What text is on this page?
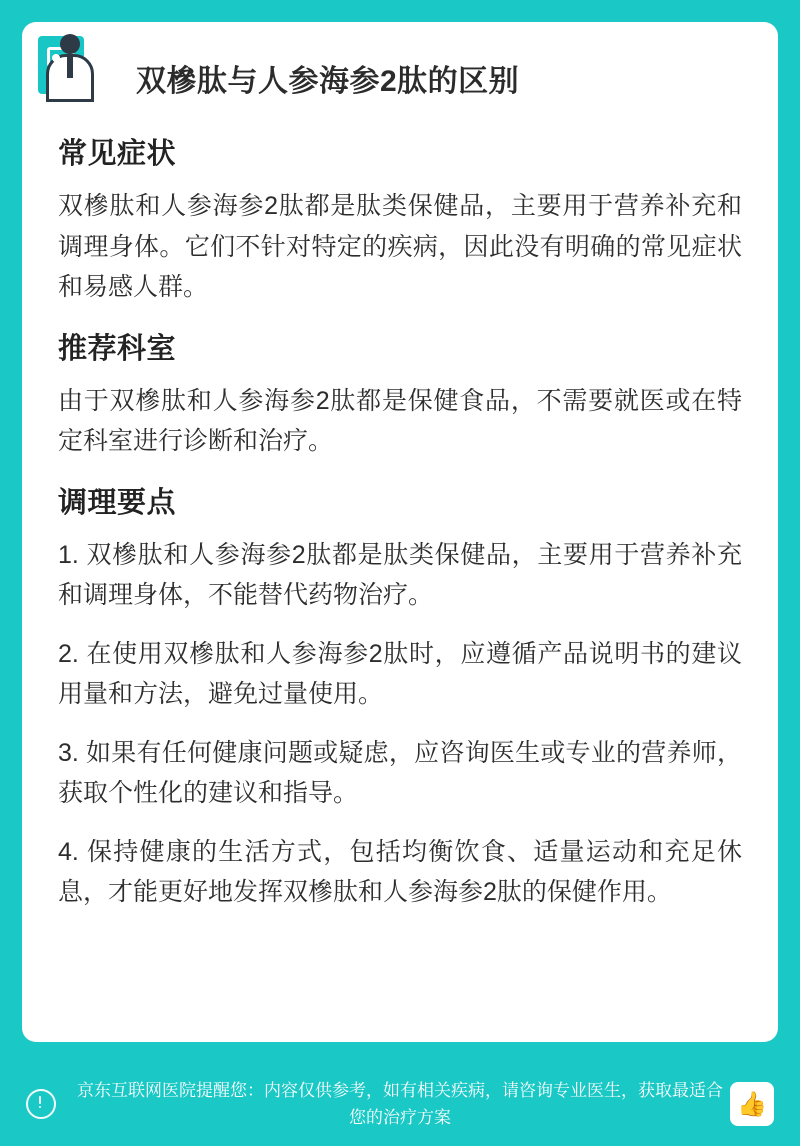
双槮肽与人参海参2肽的区别
常见症状

双槮肽和人参海参2肽都是肽类保健品，主要用于营养补充和调理身体。它们不针对特定的疾病，因此没有明确的常见症状和易感人群。

推荐科室

由于双槮肽和人参海参2肽都是保健食品，不需要就医或在特定科室进行诊断和治疗。

调理要点

1. 双槮肽和人参海参2肽都是肽类保健品，主要用于营养补充和调理身体，不能替代药物治疗。

2. 在使用双槮肽和人参海参2肽时，应遵循产品说明书的建议用量和方法，避免过量使用。

3. 如果有任何健康问题或疑虑，应咨询医生或专业的营养师，获取个性化的建议和指导。

4. 保持健康的生活方式，包括均衡饮食、适量运动和充足休息，才能更好地发挥双槮肽和人参海参2肽的保健作用。

京东互联网医院提醒您：内容仅供参考，如有相关疾病，请咨询专业医生，获取最适合您的治疗方案	👍
